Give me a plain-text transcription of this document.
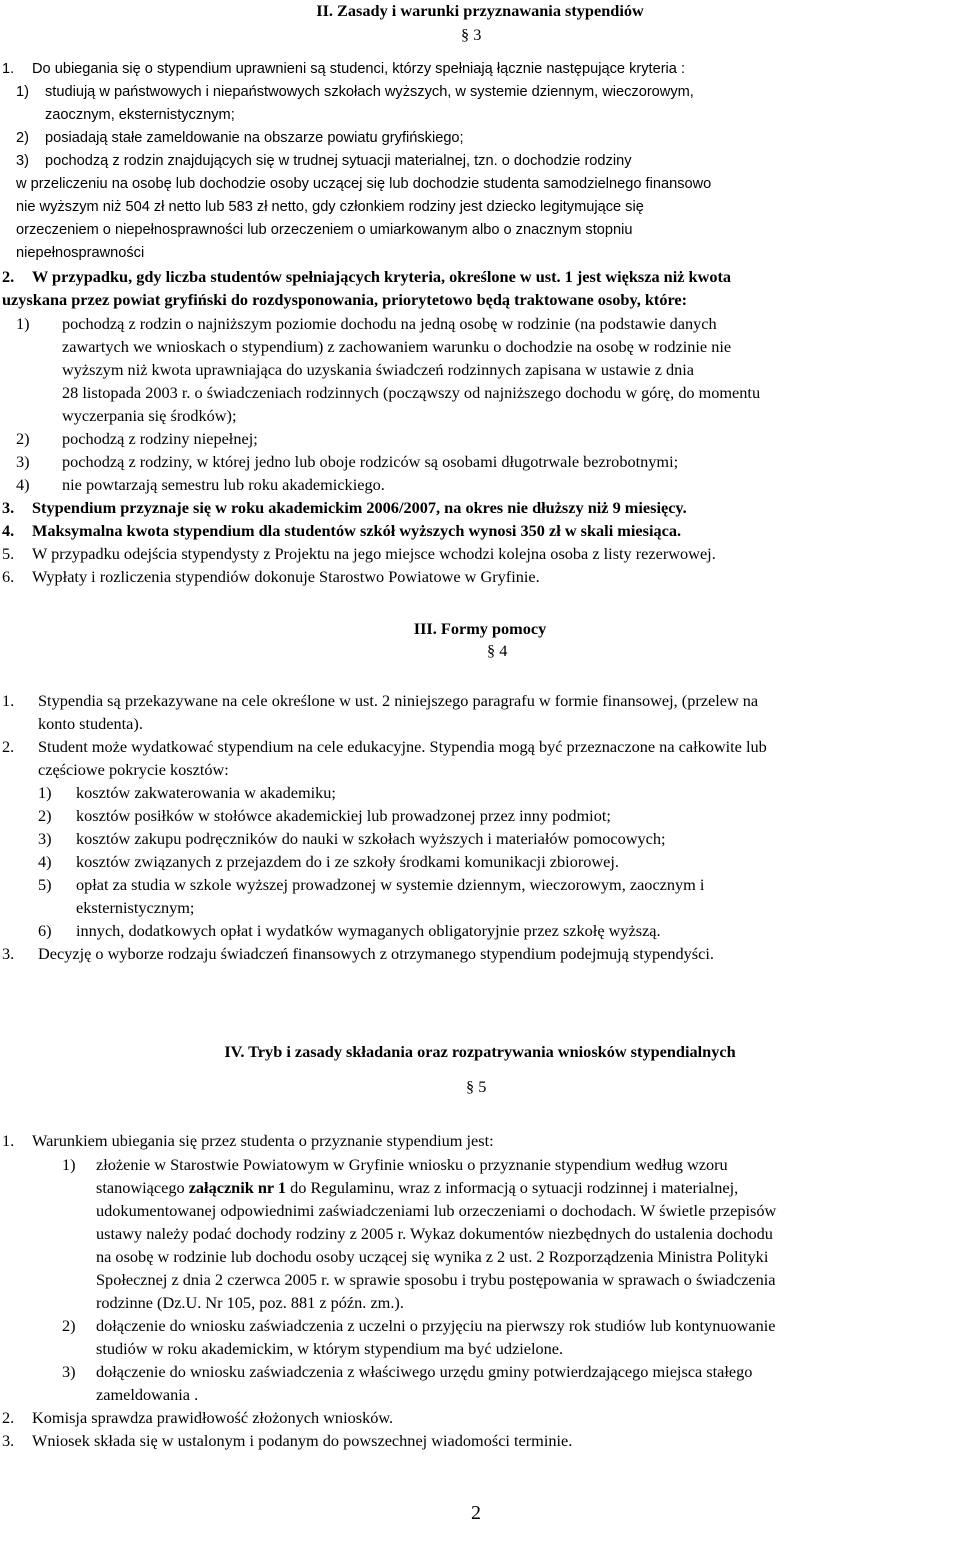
II. Zasady i warunki przyznawania stypendiów
§ 3
1. Do ubiegania się o stypendium uprawnieni są studenci, którzy spełniają łącznie następujące kryteria :
1) studiują w państwowych i niepaństwowych szkołach wyższych, w systemie dziennym, wieczorowym,
zaocznym, eksternistycznym;
2) posiadają stałe zameldowanie na obszarze powiatu gryfińskiego;
3) pochodzą z rodzin znajdujących się w trudnej sytuacji materialnej, tzn. o dochodzie rodziny
w przeliczeniu na osobę lub dochodzie osoby uczącej się lub dochodzie studenta samodzielnego finansowo
nie wyższym niż 504 zł netto lub 583 zł netto, gdy członkiem rodziny jest dziecko legitymujące się
orzeczeniem o niepełnosprawności lub orzeczeniem o umiarkowanym albo o znacznym stopniu
niepełnosprawności
2. W przypadku, gdy liczba studentów spełniających kryteria, określone w ust. 1 jest większa niż kwota
uzyskana przez powiat gryfiński do rozdysponowania, priorytetowo będą traktowane osoby, które:
1) pochodzą z rodzin o najniższym poziomie dochodu na jedną osobę w rodzinie (na podstawie danych
zawartych we wnioskach o stypendium) z zachowaniem warunku o dochodzie na osobę w rodzinie nie
wyższym niż kwota uprawniająca do uzyskania świadczeń rodzinnych zapisana w ustawie z dnia
28 listopada 2003 r. o świadczeniach rodzinnych (począwszy od najniższego dochodu w górę, do momentu
wyczerpania się środków);
2) pochodzą z rodziny niepełnej;
3) pochodzą z rodziny, w której jedno lub oboje rodziców są osobami długotrwale bezrobotnymi;
4) nie powtarzają semestru lub roku akademickiego.
3. Stypendium przyznaje się w roku akademickim 2006/2007, na okres nie dłuższy niż 9 miesięcy.
4. Maksymalna kwota stypendium dla studentów szkół wyższych wynosi 350 zł w skali miesiąca.
5. W przypadku odejścia stypendysty z Projektu na jego miejsce wchodzi kolejna osoba z listy rezerwowej.
6. Wypłaty i rozliczenia stypendiów dokonuje Starostwo Powiatowe w Gryfinie.
III. Formy pomocy
§ 4
1. Stypendia są przekazywane na cele określone w ust. 2 niniejszego paragrafu w formie finansowej, (przelew na
konto studenta).
2. Student może wydatkować stypendium na cele edukacyjne. Stypendia mogą być przeznaczone na całkowite lub
częściowe pokrycie kosztów:
1) kosztów zakwaterowania w akademiku;
2) kosztów posiłków w stołówce akademickiej lub prowadzonej przez inny podmiot;
3) kosztów zakupu podręczników do nauki w szkołach wyższych i materiałów pomocowych;
4) kosztów związanych z przejazdem do i ze szkoły środkami komunikacji zbiorowej.
5) opłat za studia w szkole wyższej prowadzonej w systemie dziennym, wieczorowym, zaocznym i
eksternistycznym;
6) innych, dodatkowych opłat i wydatków wymaganych obligatoryjnie przez szkołę wyższą.
3. Decyzję o wyborze rodzaju świadczeń finansowych z otrzymanego stypendium podejmują stypendyści.
IV. Tryb i zasady składania oraz rozpatrywania wniosków stypendialnych
§ 5
1. Warunkiem ubiegania się przez studenta o przyznanie stypendium jest:
1) złożenie w Starostwie Powiatowym w Gryfinie wniosku o przyznanie stypendium według wzoru
stanowiącego załącznik nr 1 do Regulaminu, wraz z informacją o sytuacji rodzinnej i materialnej,
udokumentowanej odpowiednimi zaświadczeniami lub orzeczeniami o dochodach. W świetle przepisów
ustawy należy podać dochody rodziny z 2005 r. Wykaz dokumentów niezbędnych do ustalenia dochodu
na osobę w rodzinie lub dochodu osoby uczącej się wynika z 2 ust. 2 Rozporządzenia Ministra Polityki
Społecznej z dnia 2 czerwca 2005 r. w sprawie sposobu i trybu postępowania w sprawach o świadczenia
rodzinne (Dz.U. Nr 105, poz. 881 z późn. zm.).
2) dołączenie do wniosku zaświadczenia z uczelni o przyjęciu na pierwszy rok studiów lub kontynuowanie
studiów w roku akademickim, w którym stypendium ma być udzielone.
3) dołączenie do wniosku zaświadczenia z właściwego urzędu gminy potwierdzającego miejsca stałego
zameldowania .
2. Komisja sprawdza prawidłowość złożonych wniosków.
3. Wniosek składa się w ustalonym i podanym do powszechnej wiadomości terminie.
2
